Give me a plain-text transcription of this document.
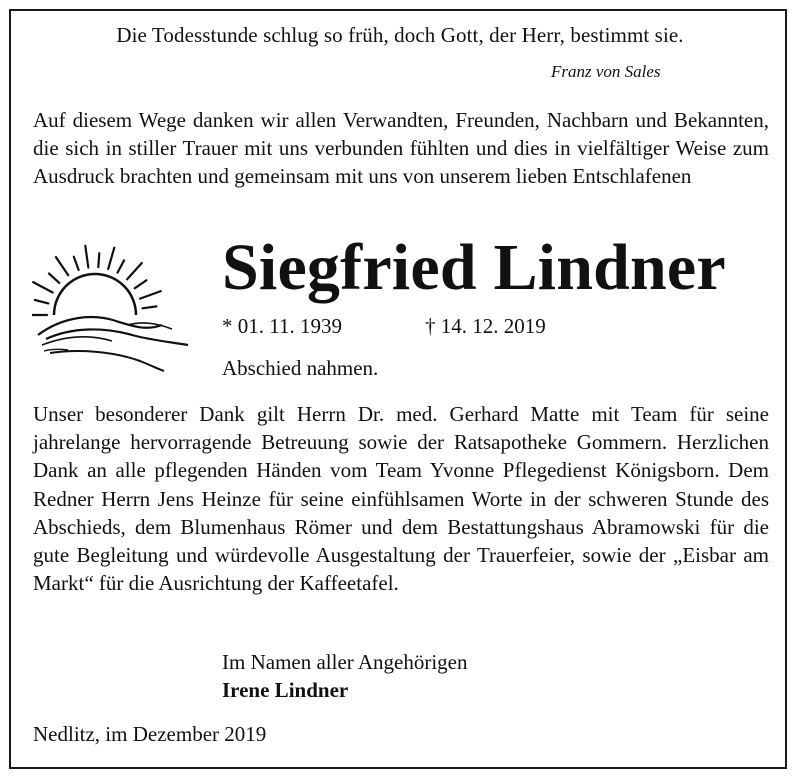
Die Todesstunde schlug so früh, doch Gott, der Herr, bestimmt sie.
Franz von Sales
Auf diesem Wege danken wir allen Verwandten, Freunden, Nachbarn und Bekannten, die sich in stiller Trauer mit uns verbunden fühlten und dies in vielfältiger Weise zum Ausdruck brachten und gemeinsam mit uns von unserem lieben Entschlafenen
Siegfried Lindner
* 01. 11. 1939	† 14. 12. 2019
Abschied nahmen.
Unser besonderer Dank gilt Herrn Dr. med. Gerhard Matte mit Team für seine jahrelange hervorragende Betreuung sowie der Ratsapotheke Gommern. Herzlichen Dank an alle pflegenden Händen vom Team Yvonne Pflegedienst Königsborn. Dem Redner Herrn Jens Heinze für seine einfühlsamen Worte in der schweren Stunde des Abschieds, dem Blumenhaus Römer und dem Bestattungshaus Abramowski für die gute Begleitung und würdevolle Ausgestaltung der Trauerfeier, sowie der „Eisbar am Markt“ für die Ausrichtung der Kaffeetafel.
Im Namen aller Angehörigen
Irene Lindner
Nedlitz, im Dezember 2019
